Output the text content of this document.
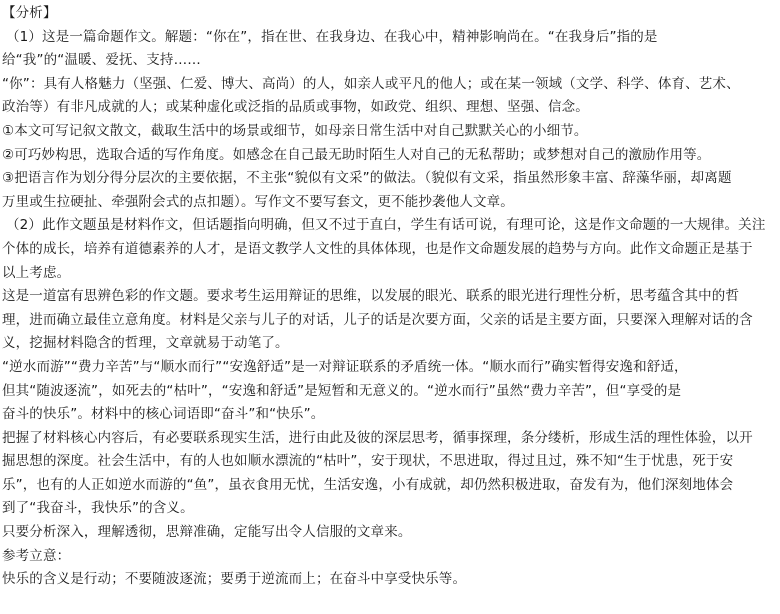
【分析】
（1）这是一篇命题作文。解题：“你在”，指在世、在我身边、在我心中，精神影响尚在。“在我身后”指的是
给“我”的“温暖、爱抚、支持……
“你”：具有人格魅力（坚强、仁爱、博大、高尚）的人，如亲人或平凡的他人；或在某一领域（文学、科学、体育、艺术、
政治等）有非凡成就的人；或某种虚化或泛指的品质或事物，如政党、组织、理想、坚强、信念。
①本文可写记叙文散文，截取生活中的场景或细节，如母亲日常生活中对自己默默关心的小细节。
②可巧妙构思，选取合适的写作角度。如感念在自己最无助时陌生人对自己的无私帮助；或梦想对自己的激励作用等。
③把语言作为划分得分层次的主要依据，不主张“貌似有文采”的做法。（貌似有文采，指虽然形象丰富、辞藻华丽，却离题
万里或生拉硬扯、牵强附会式的点扣题）。写作文不要写套文，更不能抄袭他人文章。
（2）此作文题虽是材料作文，但话题指向明确，但又不过于直白，学生有话可说，有理可论，这是作文命题的一大规律。关注
个体的成长，培养有道德素养的人才，是语文教学人文性的具体体现，也是作文命题发展的趋势与方向。此作文命题正是基于
以上考虑。
这是一道富有思辨色彩的作文题。要求考生运用辩证的思维，以发展的眼光、联系的眼光进行理性分析，思考蕴含其中的哲
理，进而确立最佳立意角度。材料是父亲与儿子的对话，儿子的话是次要方面，父亲的话是主要方面，只要深入理解对话的含
义，挖掘材料隐含的哲理，文章就易于动笔了。
“逆水而游”“费力辛苦”与“顺水而行”“安逸舒适”是一对辩证联系的矛盾统一体。“顺水而行”确实暂得安逸和舒适，
但其“随波逐流”，如死去的“枯叶”，“安逸和舒适”是短暂和无意义的。“逆水而行”虽然“费力辛苦”，但“享受的是
奋斗的快乐”。材料中的核心词语即“奋斗”和“快乐”。
把握了材料核心内容后，有必要联系现实生活，进行由此及彼的深层思考，循事探理，条分缕析，形成生活的理性体验，以开
掘思想的深度。社会生活中，有的人也如顺水漂流的“枯叶”，安于现状，不思进取，得过且过，殊不知“生于忧患，死于安
乐”，也有的人正如逆水而游的“鱼”，虽衣食用无忧，生活安逸，小有成就，却仍然积极进取，奋发有为，他们深刻地体会
到了“我奋斗，我快乐”的含义。
只要分析深入，理解透彻，思辩准确，定能写出令人信服的文章来。
参考立意：
快乐的含义是行动；不要随波逐流；要勇于逆流而上；在奋斗中享受快乐等。
